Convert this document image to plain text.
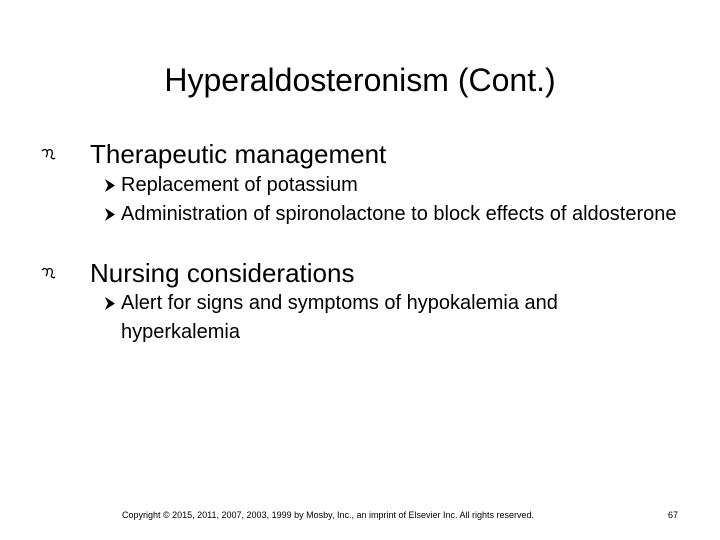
Hyperaldosteronism (Cont.)
Therapeutic management
Replacement of potassium
Administration of spironolactone to block effects of aldosterone
Nursing considerations
Alert for signs and symptoms of hypokalemia and hyperkalemia
Copyright © 2015, 2011, 2007, 2003, 1999 by Mosby, Inc., an imprint of Elsevier Inc. All rights reserved.	67
